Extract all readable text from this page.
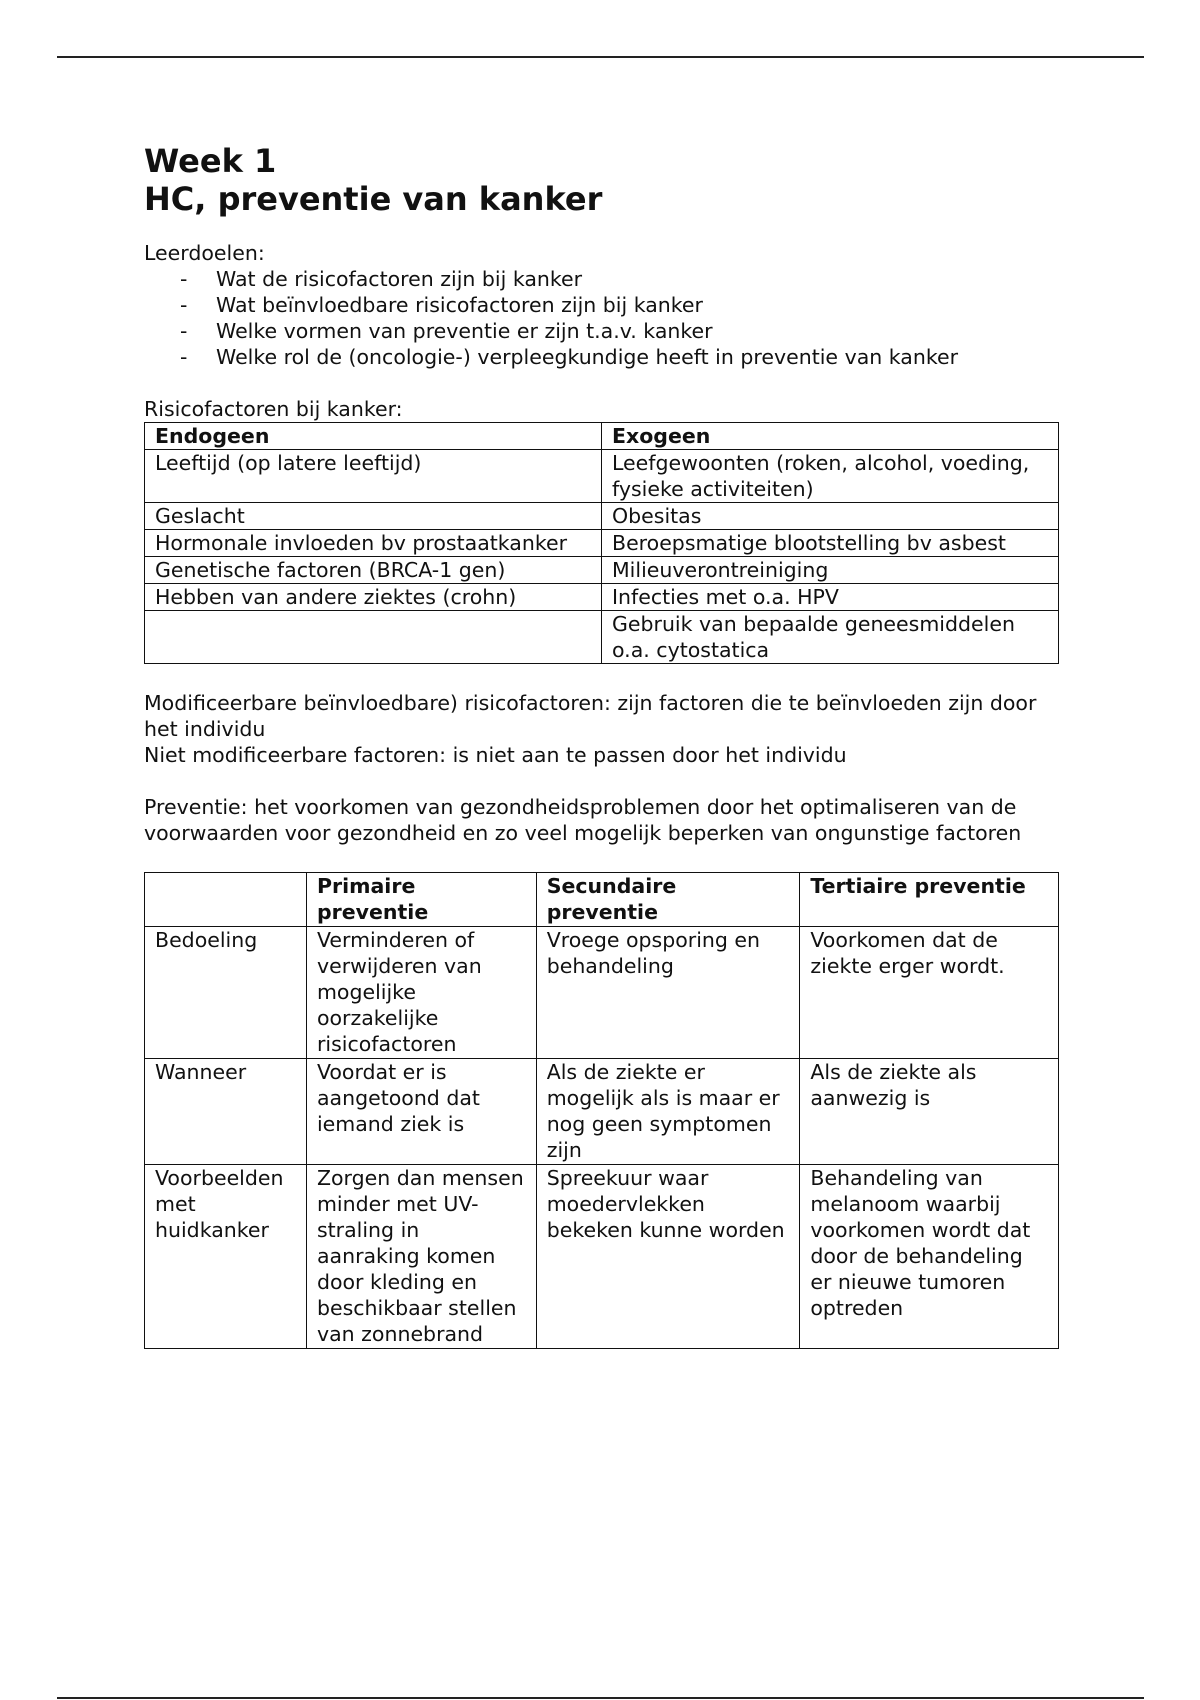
Week 1
HC, preventie van kanker

Leerdoelen:

- Wat de risicofactoren zijn bij kanker
- Wat beïnvloedbare risicofactoren zijn bij kanker
- Welke vormen van preventie er zijn t.a.v. kanker
- Welke rol de (oncologie-) verpleegkundige heeft in preventie van kanker

Risicofactoren bij kanker:

Endogeen	Exogeen
Leeftijd (op latere leeftijd)	Leefgewoonten (roken, alcohol, voeding, fysieke activiteiten)
Geslacht	Obesitas
Hormonale invloeden bv prostaatkanker	Beroepsmatige blootstelling bv asbest
Genetische factoren (BRCA-1 gen)	Milieuverontreiniging
Hebben van andere ziektes (crohn)	Infecties met o.a. HPV
	Gebruik van bepaalde geneesmiddelen o.a. cytostatica

Modificeerbare beïnvloedbare) risicofactoren: zijn factoren die te beïnvloeden zijn door het individu

Niet modificeerbare factoren: is niet aan te passen door het individu

Preventie: het voorkomen van gezondheidsproblemen door het optimaliseren van de voorwaarden voor gezondheid en zo veel mogelijk beperken van ongunstige factoren

	Primaire preventie	Secundaire preventie	Tertiaire preventie
Bedoeling	Verminderen of verwijderen van mogelijke oorzakelijke risicofactoren	Vroege opsporing en behandeling	Voorkomen dat de ziekte erger wordt.
Wanneer	Voordat er is aangetoond dat iemand ziek is	Als de ziekte er mogelijk als is maar er nog geen symptomen zijn	Als de ziekte als aanwezig is
Voorbeelden met huidkanker	Zorgen dan mensen minder met UV-straling in aanraking komen door kleding en beschikbaar stellen van zonnebrand	Spreekuur waar moedervlekken bekeken kunne worden	Behandeling van melanoom waarbij voorkomen wordt dat door de behandeling er nieuwe tumoren optreden
